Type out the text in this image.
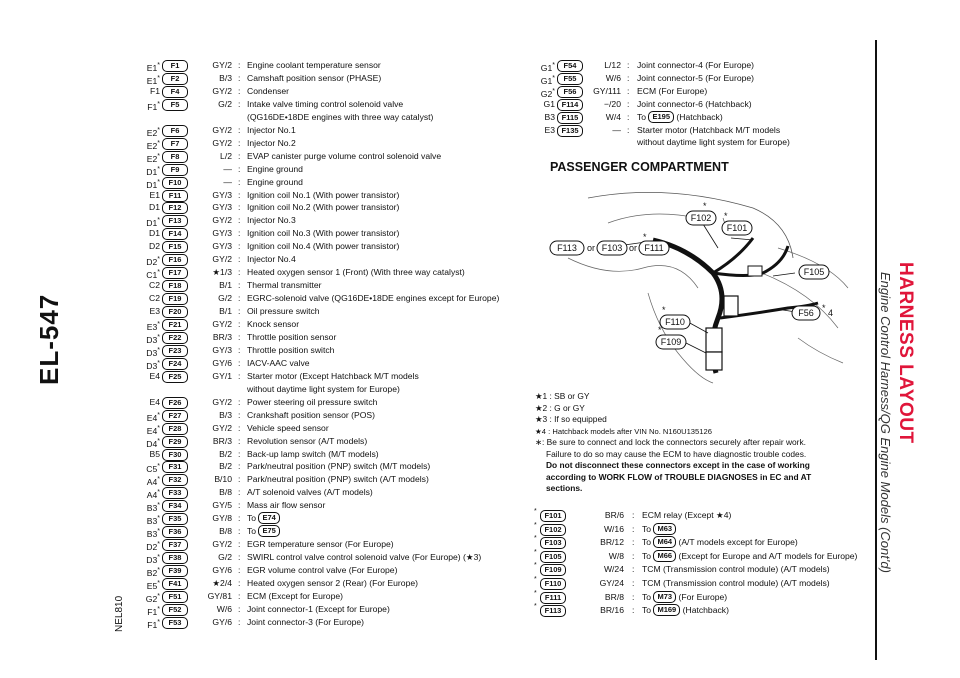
EL-547
NEL810
HARNESS LAYOUT
Engine Control Harness/QG Engine Models (Cont'd)
E1*	F1	GY/2 : Engine coolant temperature sensor
E1*	F2	B/3 : Camshaft position sensor (PHASE)
F1	F4	GY/2 : Condenser
F1*	F5	G/2 : Intake valve timing control solenoid valve
(QG16DE•18DE engines with three way catalyst)
E2*	F6	GY/2 : Injector No.1
E2*	F7	GY/2 : Injector No.2
E2*	F8	L/2 : EVAP canister purge volume control solenoid valve
D1*	F9	— : Engine ground
D1*	F10	— : Engine ground
E1	F11	GY/3 : Ignition coil No.1 (With power transistor)
D1	F12	GY/3 : Ignition coil No.2 (With power transistor)
D1*	F13	GY/2 : Injector No.3
D1	F14	GY/3 : Ignition coil No.3 (With power transistor)
D2	F15	GY/3 : Ignition coil No.4 (With power transistor)
D2*	F16	GY/2 : Injector No.4
C1*	F17	★1/3 : Heated oxygen sensor 1 (Front) (With three way catalyst)
C2	F18	B/1 : Thermal transmitter
C2	F19	G/2 : EGRC-solenoid valve (QG16DE•18DE engines except for Europe)
E3	F20	B/1 : Oil pressure switch
E3*	F21	GY/2 : Knock sensor
D3*	F22	BR/3 : Throttle position sensor
D3*	F23	GY/3 : Throttle position switch
D3*	F24	GY/6 : IACV-AAC valve
E4	F25	GY/1 : Starter motor (Except Hatchback M/T models
without daytime light system for Europe)
E4	F26	GY/2 : Power steering oil pressure switch
E4*	F27	B/3 : Crankshaft position sensor (POS)
E4*	F28	GY/2 : Vehicle speed sensor
D4*	F29	BR/3 : Revolution sensor (A/T models)
B5	F30	B/2 : Back-up lamp switch (M/T models)
C5*	F31	B/2 : Park/neutral position (PNP) switch (M/T models)
A4*	F32	B/10 : Park/neutral position (PNP) switch (A/T models)
A4*	F33	B/8 : A/T solenoid valves (A/T models)
B3*	F34	GY/5 : Mass air flow sensor
B3*	F35	GY/8 : To E74
B3*	F36	B/8 : To E75
D2*	F37	GY/2 : EGR temperature sensor (For Europe)
D3*	F38	G/2 : SWIRL control valve control solenoid valve (For Europe) (★3)
B2*	F39	GY/6 : EGR volume control valve (For Europe)
E5*	F41	★2/4 : Heated oxygen sensor 2 (Rear) (For Europe)
G2*	F51	GY/81 : ECM (Except for Europe)
F1*	F52	W/6 : Joint connector-1 (Except for Europe)
F1*	F53	GY/6 : Joint connector-3 (For Europe)
G1*	F54	L/12 : Joint connector-4 (For Europe)
G1*	F55	W/6 : Joint connector-5 (For Europe)
G2*	F56	GY/111 : ECM (For Europe)
G1 F114	−/20 : Joint connector-6 (Hatchback)
B3 F115	W/4 : To E195 (Hatchback)
E3 F135	— : Starter motor (Hatchback M/T models
without daytime light system for Europe)
PASSENGER COMPARTMENT
F113 or F103 or F111
*
F102
*
F101
*
F105
F56 * 4
F110
*
F109
*
★1 : SB or GY
★2 : G or GY
★3 : If so equipped
★4 : Hatchback models after VIN No. N160U135126
∗: Be sure to connect and lock the connectors securely after repair work.
Failure to do so may cause the ECM to have diagnostic trouble codes.
Do not disconnect these connectors except in the case of working
according to WORK FLOW of TROUBLE DIAGNOSES in EC and AT
sections.
*	F101	BR/6 : ECM relay (Except ★4)
*	F102	W/16 : To M63
*	F103	BR/12 : To M64 (A/T models except for Europe)
*	F105	W/8 : To M66 (Except for Europe and A/T models for Europe)
*	F109	W/24 : TCM (Transmission control module) (A/T models)
*	F110	GY/24 : TCM (Transmission control module) (A/T models)
*	F111	BR/8 : To M73 (For Europe)
*	F113	BR/16 : To M169 (Hatchback)
